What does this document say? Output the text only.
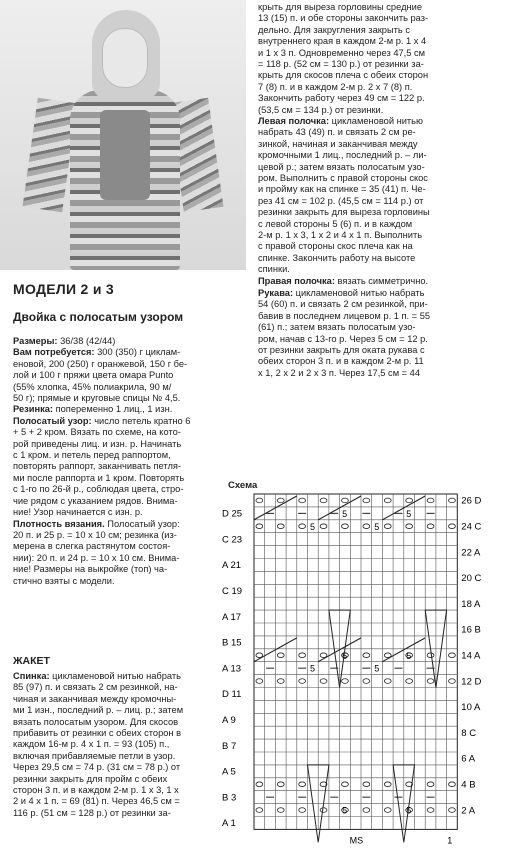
крыть для выреза горловины средние
13 (15) п. и обе стороны закончить раз-
дельно. Для закругления закрыть с
внутреннего края в каждом 2-м р. 1 х 4
и 1 х 3 п. Одновременно через 47,5 см
= 118 р. (52 см = 130 р.) от резинки за-
крыть для скосов плеча с обеих сторон
7 (8) п. и в каждом 2-м р. 2 х 7 (8) п.
Закончить работу через 49 см = 122 р.
(53,5 см = 134 р.) от резинки.
Левая полочка: цикламеновой нитью
набрать 43 (49) п. и связать 2 см ре-
зинкой, начиная и заканчивая между
кромочными 1 лиц., последний р. – ли-
цевой р.; затем вязать полосатым узо-
ром. Выполнить с правой стороны скос
и пройму как на спинке = 35 (41) п. Че-
рез 41 см = 102 р. (45,5 см = 114 р.) от
резинки закрыть для выреза горловины
с левой стороны 5 (6) п. и в каждом
2-м р. 1 х 3, 1 х 2 и 4 х 1 п. Выполнить
с правой стороны скос плеча как на
спинке. Закончить работу на высоте
спинки.
Правая полочка: вязать симметрично.
Рукава: цикламеновой нитью набрать
54 (60) п. и связать 2 см резинкой, при-
бавив в последнем лицевом р. 1 п. = 55
(61) п.; затем вязать полосатым узо-
ром, начав с 13-го р. Через 5 см = 12 р.
от резинки закрыть для оката рукава с
обеих сторон 3 п. и в каждом 2-м р. 11
х 1, 2 х 2 и 2 х 3 п. Через 17,5 см = 44
МОДЕЛИ 2 и 3
Двойка с полосатым узором
Размеры: 36/38 (42/44)
Вам потребуется: 300 (350) г циклам-
еновой, 200 (250) г оранжевой, 150 г бе-
лой и 100 г пряжи цвета омара Punto
(55% хлопка, 45% полиакрила, 90 м/
50 г); прямые и круговые спицы № 4,5.
Резинка: попеременно 1 лиц., 1 изн.
Полосатый узор: число петель кратно 6
+ 5 + 2 кром. Вязать по схеме, на кото-
рой приведены лиц. и изн. р. Начинать
с 1 кром. и петель перед раппортом,
повторять раппорт, заканчивать петля-
ми после раппорта и 1 кром. Повторять
с 1-го по 26-й р., соблюдая цвета, стро-
чие рядом с указанием рядов. Внима-
ние! Узор начинается с изн. р.
Плотность вязания. Полосатый узор:
20 п. и 25 р. = 10 х 10 см; резинка (из-
мерена в слегка растянутом состоя-
нии): 20 п. и 24 р. = 10 х 10 см. Внима-
ние! Размеры на выкройке (топ) ча-
стично взяты с модели.
ЖАКЕТ
Спинка: цикламеновой нитью набрать
85 (97) п. и связать 2 см резинкой, на-
чиная и заканчивая между кромочны-
ми 1 изн., последний р. – лиц. р.; затем
вязать полосатым узором. Для скосов
прибавить от резинки с обеих сторон в
каждом 16-м р. 4 х 1 п. = 93 (105) п.,
включая прибавляемые петли в узор.
Через 29,5 см = 74 р. (31 см = 78 р.) от
резинки закрыть для пройм с обеих
сторон 3 п. и в каждом 2-м р. 1 х 3, 1 х
2 и 4 х 1 п. = 69 (81) п. Через 46,5 см =
116 р. (51 см = 128 р.) от резинки за-
Схема
5	5
5	5
5	5
5	5
5	5
D 25
C 23
A 21
C 19
A 17
B 15
A 13
D 11
A 9
B 7
A 5
B 3
A 1
26 D
24 C
22 A
20 C
18 A
16 B
14 A
12 D
10 A
8 C
6 A
4 B
2 A
MS	1
